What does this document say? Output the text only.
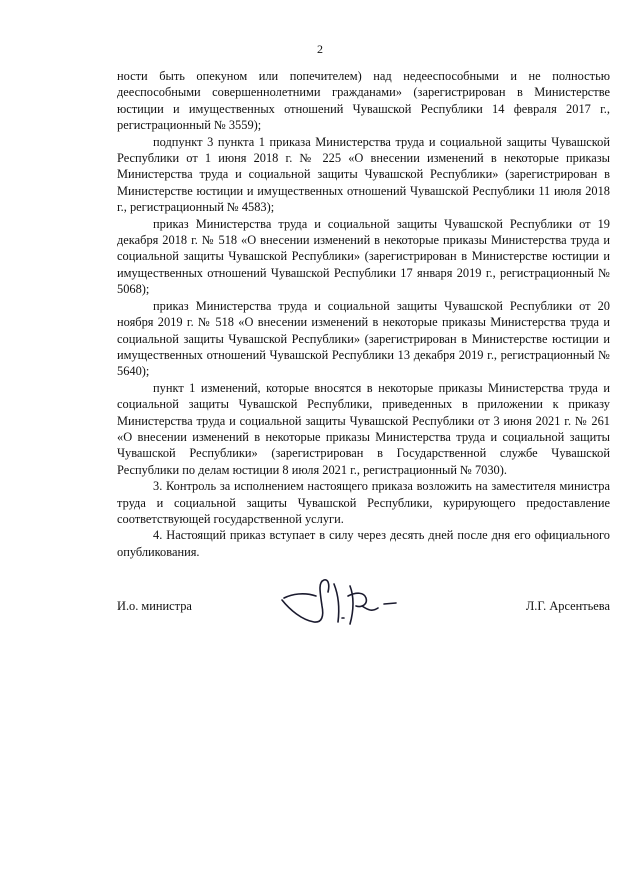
2

ности быть опекуном или попечителем) над недееспособными и не полностью дееспособными совершеннолетними гражданами» (зарегистрирован в Министерстве юстиции и имущественных отношений Чувашской Республики 14 февраля 2017 г., регистрационный № 3559);

подпункт 3 пункта 1 приказа Министерства труда и социальной защиты Чувашской Республики от 1 июня 2018 г. № 225 «О внесении изменений в некоторые приказы Министерства труда и социальной защиты Чувашской Республики» (зарегистрирован в Министерстве юстиции и имущественных отношений Чувашской Республики 11 июля 2018 г., регистрационный № 4583);

приказ Министерства труда и социальной защиты Чувашской Республики от 19 декабря 2018 г. № 518 «О внесении изменений в некоторые приказы Министерства труда и социальной защиты Чувашской Республики» (зарегистрирован в Министерстве юстиции и имущественных отношений Чувашской Республики 17 января 2019 г., регистрационный № 5068);

приказ Министерства труда и социальной защиты Чувашской Республики от 20 ноября 2019 г. № 518 «О внесении изменений в некоторые приказы Министерства труда и социальной защиты Чувашской Республики» (зарегистрирован в Министерстве юстиции и имущественных отношений Чувашской Республики 13 декабря 2019 г., регистрационный № 5640);

пункт 1 изменений, которые вносятся в некоторые приказы Министерства труда и социальной защиты Чувашской Республики, приведенных в приложении к приказу Министерства труда и социальной защиты Чувашской Республики от 3 июня 2021 г. № 261 «О внесении изменений в некоторые приказы Министерства труда и социальной защиты Чувашской Республики» (зарегистрирован в Государственной службе Чувашской Республики по делам юстиции 8 июля 2021 г., регистрационный № 7030).

3. Контроль за исполнением настоящего приказа возложить на заместителя министра труда и социальной защиты Чувашской Республики, курирующего предоставление соответствующей государственной услуги.

4. Настоящий приказ вступает в силу через десять дней после дня его официального опубликования.

И.о. министра	Л.Г. Арсентьева
